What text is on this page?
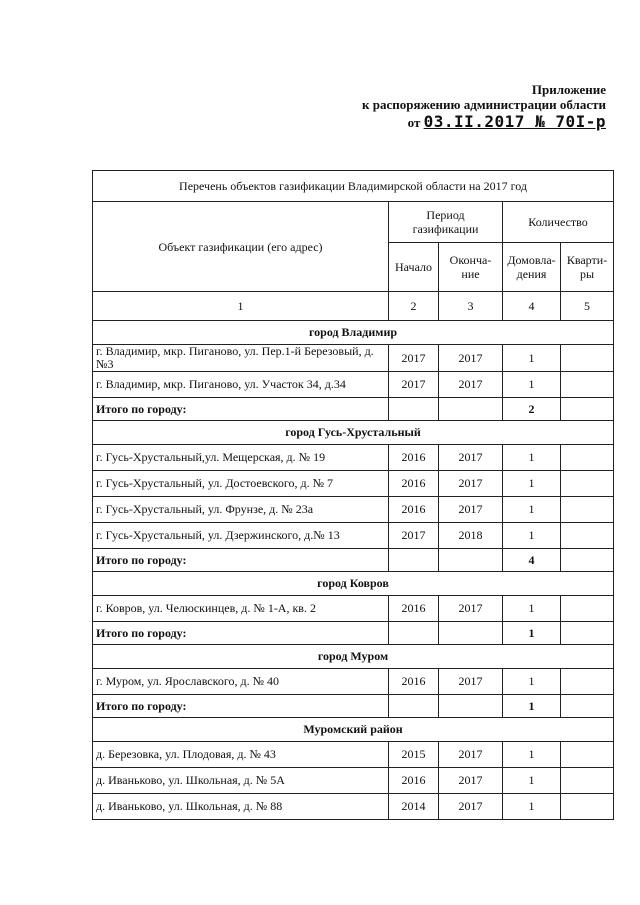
Приложение
к распоряжению администрации области
от 03.II.2017 № 70I-р
Перечень объектов газификации Владимирской области на 2017 год				
Объект газификации (его адрес)	Период газификации		Количество	
	Начало	Оконча-ние	Домовла-дения	Кварти-ры
1	2	3	4	5
город Владимир				
г. Владимир, мкр. Пиганово, ул. Пер.1-й Березовый, д. №3	2017	2017	1	
г. Владимир, мкр. Пиганово, ул. Участок 34, д.34	2017	2017	1	
Итого по городу:			2	
город Гусь-Хрустальный				
г. Гусь-Хрустальный,ул. Мещерская, д. № 19	2016	2017	1	
г. Гусь-Хрустальный, ул. Достоевского, д. № 7	2016	2017	1	
г. Гусь-Хрустальный, ул. Фрунзе, д. № 23а	2016	2017	1	
г. Гусь-Хрустальный, ул. Дзержинского, д.№ 13	2017	2018	1	
Итого по городу:			4	
город Ковров				
г. Ковров, ул. Челюскинцев, д. № 1-А, кв. 2	2016	2017	1	
Итого по городу:			1	
город Муром				
г. Муром, ул. Ярославского, д. № 40	2016	2017	1	
Итого по городу:			1	
Муромский район				
д. Березовка, ул. Плодовая, д. № 43	2015	2017	1	
д. Иваньково, ул. Школьная, д. № 5А	2016	2017	1	
д. Иваньково, ул. Школьная, д. № 88	2014	2017	1	
